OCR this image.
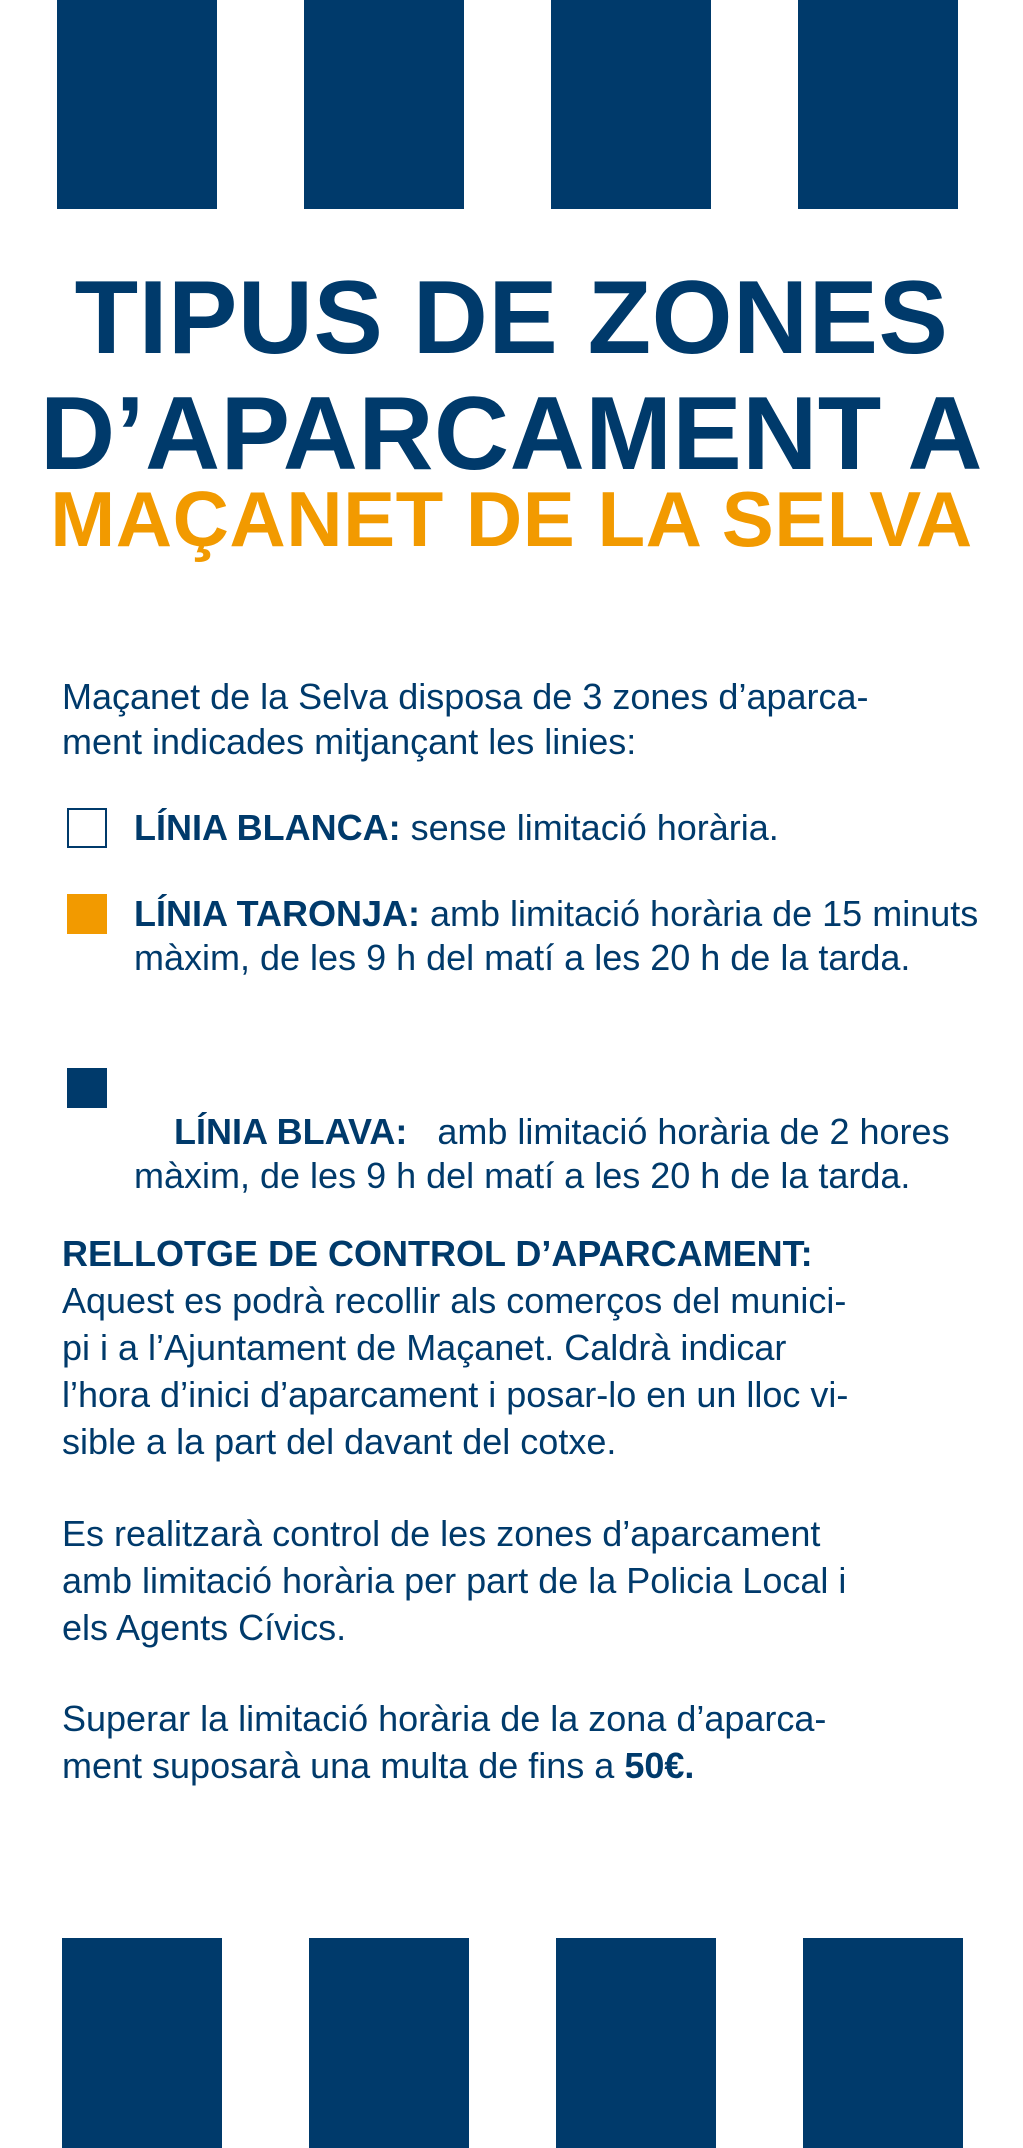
TIPUS DE ZONES
D’APARCAMENT A
MAÇANET DE LA SELVA

Maçanet de la Selva disposa de 3 zones d’aparca-
ment indicades mitjançant les linies:

LÍNIA BLANCA: sense limitació horària.
LÍNIA TARONJA: amb limitació horària de 15 minuts màxim, de les 9 h del matí a les 20 h de la tarda.

LÍNIA BLAVA:   amb limitació horària de 2 hores màxim, de les 9 h del matí a les 20 h de la tarda.

RELLOTGE DE CONTROL D’APARCAMENT:
Aquest es podrà recollir als comerços del munici-
pi i a l’Ajuntament de Maçanet. Caldrà indicar
l’hora d’inici d’aparcament i posar-lo en un lloc vi-
sible a la part del davant del cotxe.

Es realitzarà control de les zones d’aparcament
amb limitació horària per part de la Policia Local i
els Agents Cívics.

Superar la limitació horària de la zona d’aparca-
ment suposarà una multa de fins a 50€.
